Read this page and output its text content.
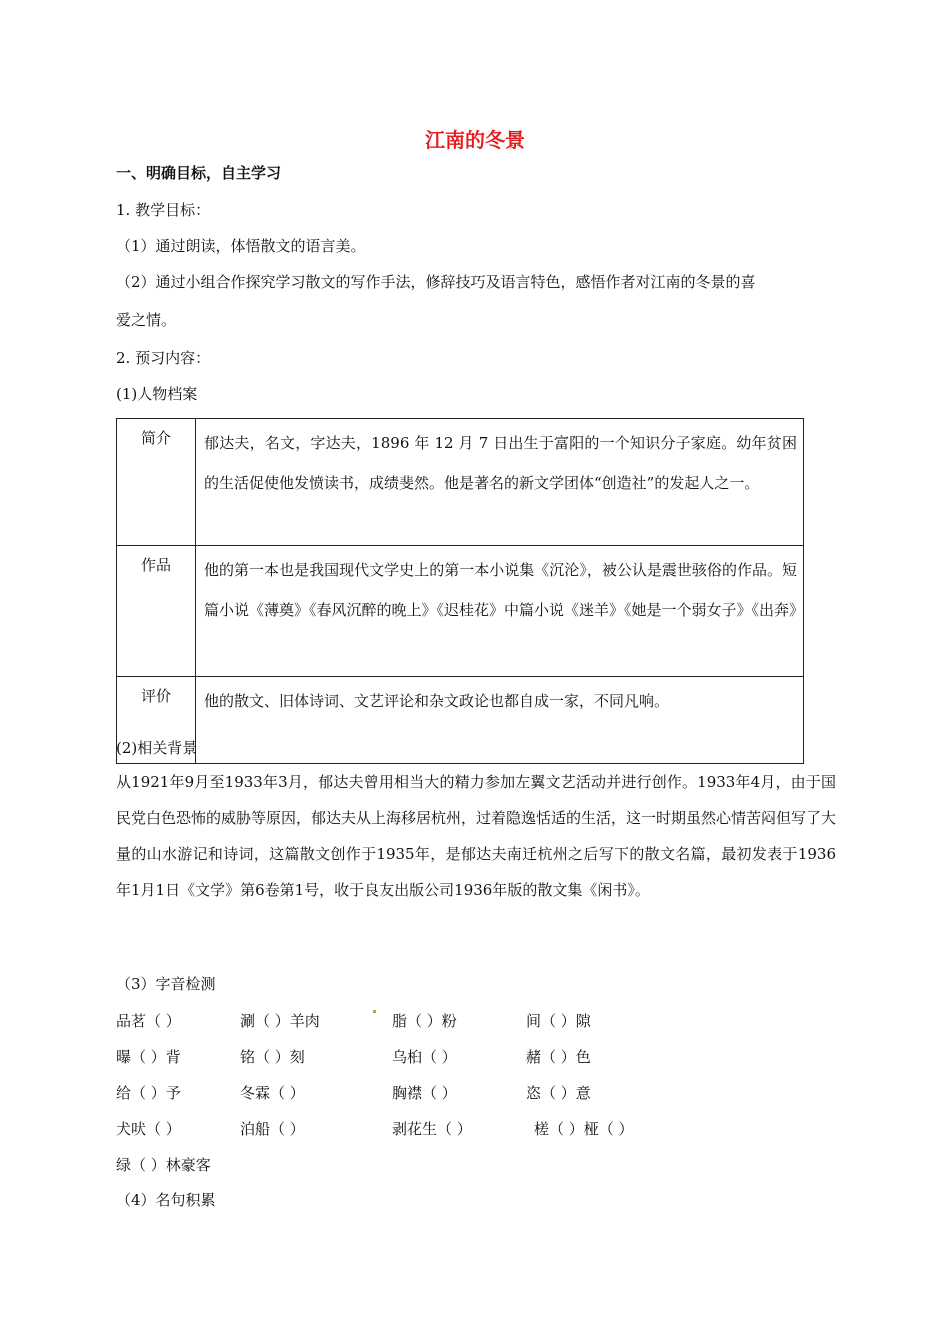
江南的冬景
一、明确目标，自主学习
1. 教学目标：
（1）通过朗读，体悟散文的语言美。
（2）通过小组合作探究学习散文的写作手法，修辞技巧及语言特色，感悟作者对江南的冬景的喜
爱之情。
2. 预习内容：
(1)人物档案
简介	郁达夫，名文，字达夫，1896 年 12 月 7 日出生于富阳的一个知识分子家庭。幼年贫困的生活促使他发愤读书，成绩斐然。他是著名的新文学团体“创造社”的发起人之一。
作品	他的第一本也是我国现代文学史上的第一本小说集《沉沦》，被公认是震世骇俗的作品。短篇小说《薄奠》《春风沉醉的晚上》《迟桂花》中篇小说《迷羊》《她是一个弱女子》《出奔》
评价	他的散文、旧体诗词、文艺评论和杂文政论也都自成一家，不同凡响。
(2)相关背景
从1921年9月至1933年3月，郁达夫曾用相当大的精力参加左翼文艺活动并进行创作。1933年4月，由于国民党白色恐怖的威胁等原因，郁达夫从上海移居杭州，过着隐逸恬适的生活，这一时期虽然心情苦闷但写了大量的山水游记和诗词，这篇散文创作于1935年，是郁达夫南迁杭州之后写下的散文名篇，最初发表于1936年1月1日《文学》第6卷第1号，收于良友出版公司1936年版的散文集《闲书》。
（3）字音检测
品茗（ ）	涮（ ）羊肉	脂（ ）粉	间（ ）隙
曝（ ）背	铭（ ）刻	乌桕（ ）	赭（ ）色
给（ ）予	冬霖（ ）	胸襟（ ）	恣（ ）意
犬吠（ ）	泊船（ ）	剥花生（ ）	槎（ ）桠（ ）
绿（ ）林豪客
（4）名句积累
